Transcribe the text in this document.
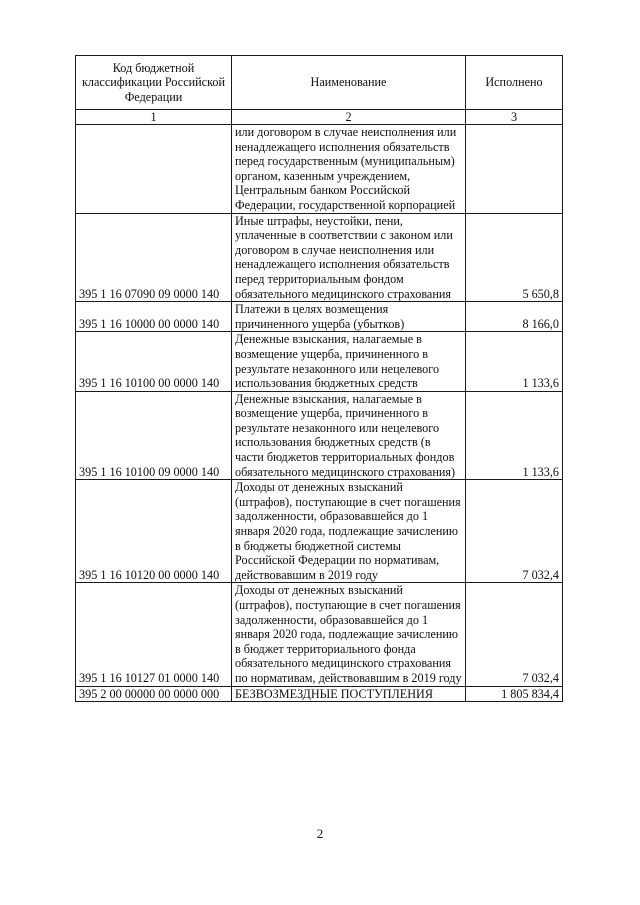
Код бюджетной классификации Российской Федерации	Наименование	Исполнено
1	2	3
	или договором в случае неисполнения или ненадлежащего исполнения обязательств перед государственным (муниципальным) органом, казенным учреждением, Центральным банком Российской Федерации, государственной корпорацией	
395 1 16 07090 09 0000 140	Иные штрафы, неустойки, пени, уплаченные в соответствии с законом или договором в случае неисполнения или ненадлежащего исполнения обязательств перед территориальным фондом обязательного медицинского страхования	5 650,8
395 1 16 10000 00 0000 140	Платежи в целях возмещения причиненного ущерба (убытков)	8 166,0
395 1 16 10100 00 0000 140	Денежные взыскания, налагаемые в возмещение ущерба, причиненного в результате незаконного или нецелевого использования бюджетных средств	1 133,6
395 1 16 10100 09 0000 140	Денежные взыскания, налагаемые в возмещение ущерба, причиненного в результате незаконного или нецелевого использования бюджетных средств (в части бюджетов территориальных фондов обязательного медицинского страхования)	1 133,6
395 1 16 10120 00 0000 140	Доходы от денежных взысканий (штрафов), поступающие в счет погашения задолженности, образовавшейся до 1 января 2020 года, подлежащие зачислению в бюджеты бюджетной системы Российской Федерации по нормативам, действовавшим в 2019 году	7 032,4
395 1 16 10127 01 0000 140	Доходы от денежных взысканий (штрафов), поступающие в счет погашения задолженности, образовавшейся до 1 января 2020 года, подлежащие зачислению в бюджет территориального фонда обязательного медицинского страхования по нормативам, действовавшим в 2019 году	7 032,4
395 2 00 00000 00 0000 000	БЕЗВОЗМЕЗДНЫЕ ПОСТУПЛЕНИЯ	1 805 834,4
2
